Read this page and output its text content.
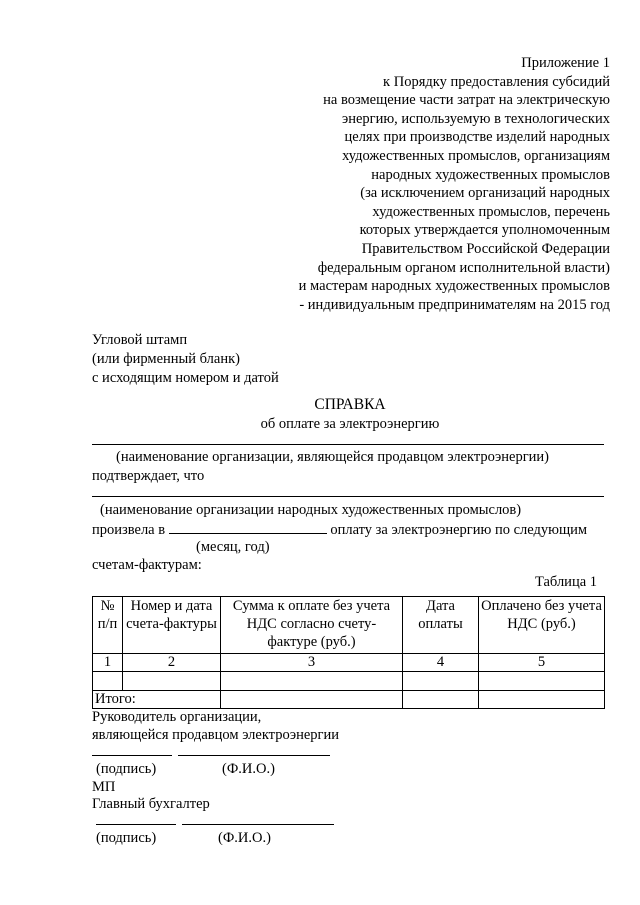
Приложение 1
к Порядку предоставления субсидий
на возмещение части затрат на электрическую
энергию, используемую в технологических
целях при производстве изделий народных
художественных промыслов, организациям
народных художественных промыслов
(за исключением организаций народных
художественных промыслов, перечень
которых утверждается уполномоченным
Правительством Российской Федерации
федеральным органом исполнительной власти)
и мастерам народных художественных промыслов
- индивидуальным предпринимателям на 2015 год
Угловой штамп
(или фирменный бланк)
с исходящим номером и датой
СПРАВКА
об оплате за электроэнергию
(наименование организации, являющейся продавцом электроэнергии)
подтверждает, что
(наименование организации народных художественных промыслов)
произвела в	оплату за электроэнергию по следующим
(месяц, год)
счетам-фактурам:
Таблица 1
№ п/п	Номер и дата счета-фактуры	Сумма к оплате без учета НДС согласно счету-фактуре (руб.)	Дата оплаты	Оплачено без учета НДС (руб.)
1	2	3	4	5

Итого:				
Руководитель организации,
являющейся продавцом электроэнергии
(подпись)	(Ф.И.О.)
МП
Главный бухгалтер
(подпись)	(Ф.И.О.)
